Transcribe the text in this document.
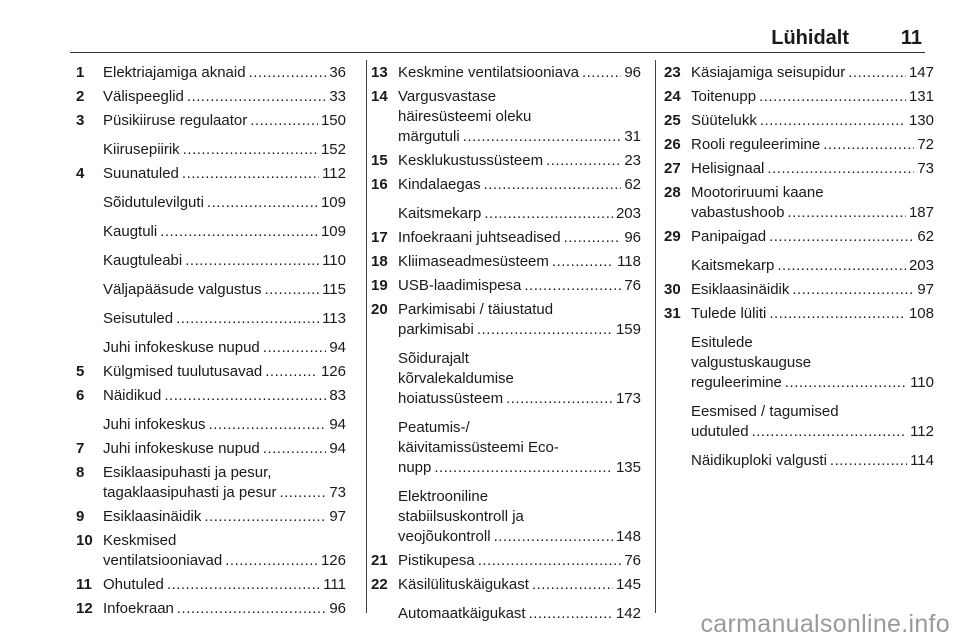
Lühidalt	11
1 Elektriajamiga aknaid .....	36
2 Välispeeglid .....	33
3 Püsikiiruse regulaator .....	150
Kiirusepiirik .....	152
4 Suunatuled .....	112
Sõidutulevilguti .....	109
Kaugtuli .....	109
Kaugtuleabi .....	110
Väljapääsude valgustus .....	115
Seisutuled .....	113
Juhi infokeskuse nupud .....	94
5 Külgmised tuulutusavad .....	126
6 Näidikud .....	83
Juhi infokeskus .....	94
7 Juhi infokeskuse nupud .....	94
8 Esiklaasipuhasti ja pesur,
tagaklaasipuhasti ja pesur .....	73
9 Esiklaasinäidik .....	97
10 Keskmised
ventilatsiooniavad .....	126
11 Ohutuled .....	111
12 Infoekraan .....	96
13 Keskmine ventilatsiooniava .....	96
14 Vargusvastase
häiresüsteemi oleku
märgutuli .....	31
15 Kesklukustussüsteem .....	23
16 Kindalaegas .....	62
Kaitsmekarp .....	203
17 Infoekraani juhtseadised .....	96
18 Kliimaseadmesüsteem .....	118
19 USB-laadimispesa .....	76
20 Parkimisabi / täiustatud
parkimisabi .....	159
Sõidurajalt
kõrvalekaldumise
hoiatussüsteem .....	173
Peatumis-/
käivitamissüsteemi Eco-
nupp .....	135
Elektrooniline
stabiilsuskontroll ja
veojõukontroll .....	148
21 Pistikupesa .....	76
22 Käsilülituskäigukast .....	145
Automaatkäigukast .....	142
23 Käsiajamiga seisupidur .....	147
24 Toitenupp .....	131
25 Süütelukk .....	130
26 Rooli reguleerimine .....	72
27 Helisignaal .....	73
28 Mootoriruumi kaane
vabastushoob .....	187
29 Panipaigad .....	62
Kaitsmekarp .....	203
30 Esiklaasinäidik .....	97
31 Tulede lüliti .....	108
Esitulede
valgustuskauguse
reguleerimine .....	110
Eesmised / tagumised
udutuled .....	112
Näidikuploki valgusti .....	114
carmanualsonline.info
